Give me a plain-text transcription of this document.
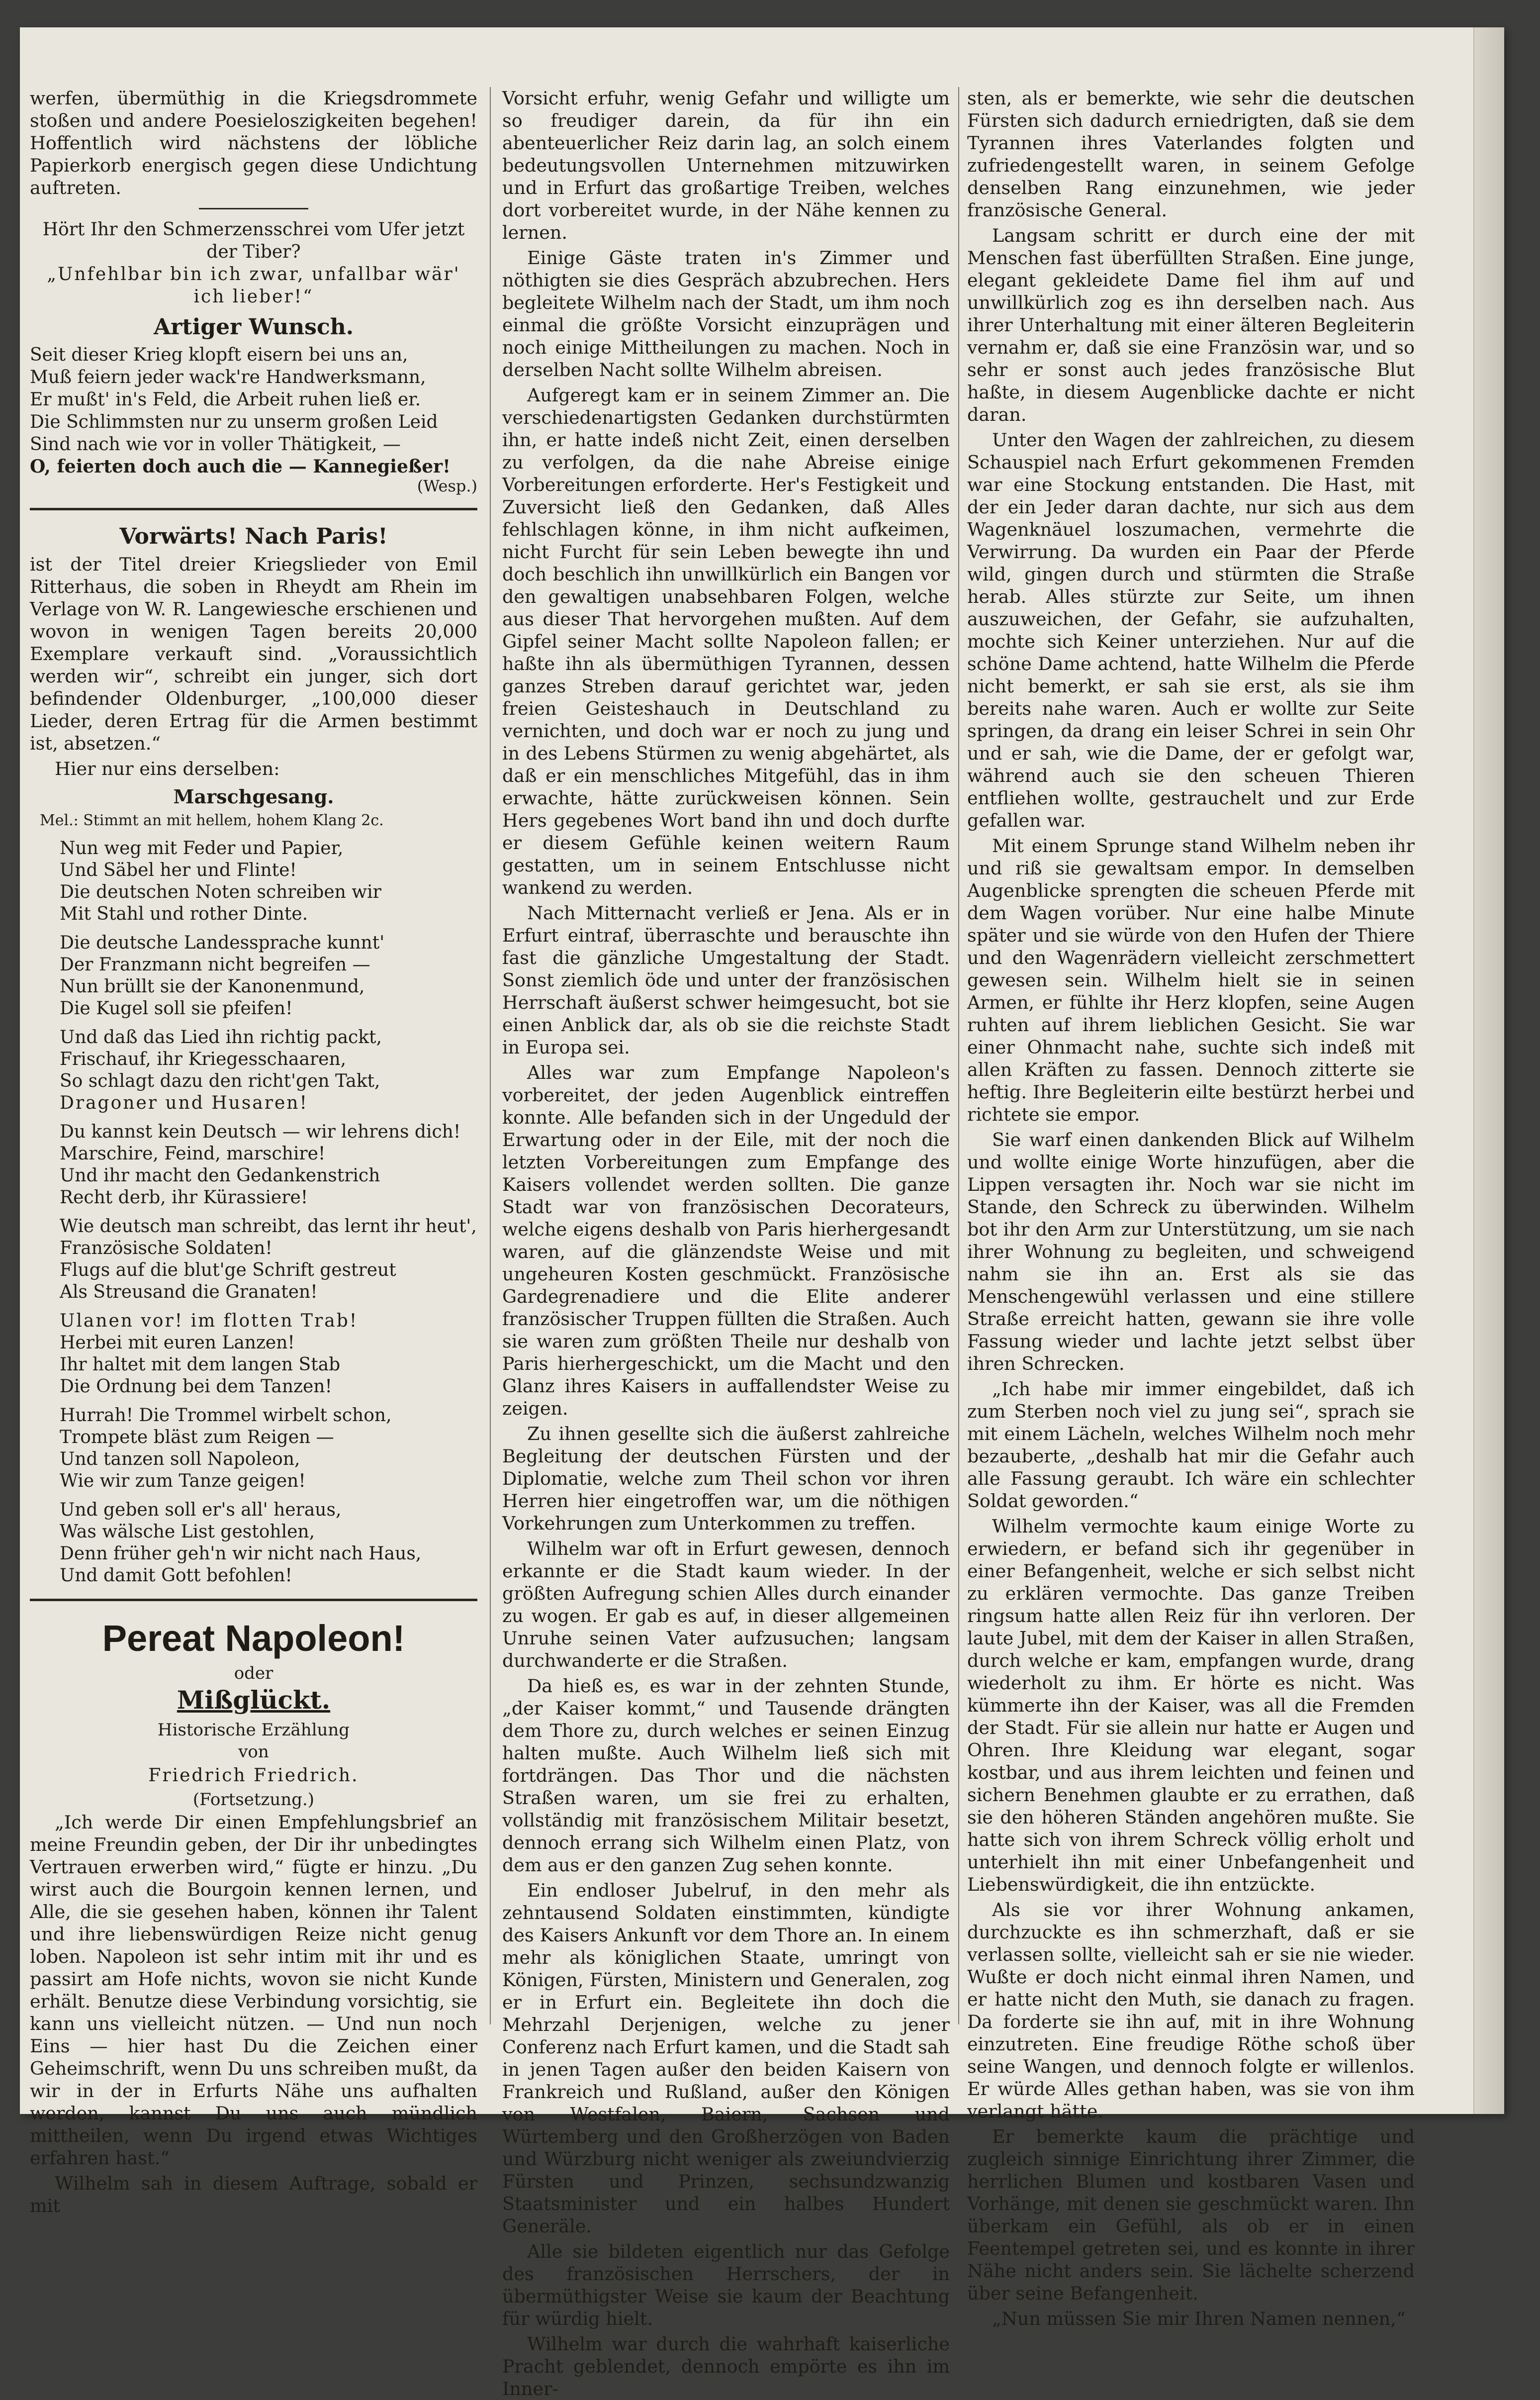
werfen, übermüthig in die Kriegsdrommete stoßen und andere Poesieloszigkeiten begehen! Hoffentlich wird nächstens der löbliche Papierkorb energisch gegen diese Undichtung auftreten.

Hört Ihr den Schmerzensschrei vom Ufer jetzt der Tiber?

„Unfehlbar bin ich zwar, unfallbar wär' ich lieber!“

Artiger Wunsch.
Seit dieser Krieg klopft eisern bei uns an,
Muß feiern jeder wack're Handwerksmann,
Er mußt' in's Feld, die Arbeit ruhen ließ er.
Die Schlimmsten nur zu unserm großen Leid
Sind nach wie vor in voller Thätigkeit, —
O, feierten doch auch die — Kannegießer!
(Wesp.)
Vorwärts! Nach Paris!

ist der Titel dreier Kriegslieder von Emil Ritterhaus, die soben in Rheydt am Rhein im Verlage von W. R. Langewiesche erschienen und wovon in wenigen Tagen bereits 20,000 Exemplare verkauft sind. „Voraussichtlich werden wir“, schreibt ein junger, sich dort befindender Oldenburger, „100,000 dieser Lieder, deren Ertrag für die Armen bestimmt ist, absetzen.“

Hier nur eins derselben:

Marschgesang.
Mel.: Stimmt an mit hellem, hohem Klang 2c.
Nun weg mit Feder und Papier,
Und Säbel her und Flinte!
Die deutschen Noten schreiben wir
Mit Stahl und rother Dinte.
Die deutsche Landessprache kunnt'
Der Franzmann nicht begreifen —
Nun brüllt sie der Kanonenmund,
Die Kugel soll sie pfeifen!
Und daß das Lied ihn richtig packt,
Frischauf, ihr Kriegesschaaren,
So schlagt dazu den richt'gen Takt,
Dragoner und Husaren!
Du kannst kein Deutsch — wir lehrens dich!
Marschire, Feind, marschire!
Und ihr macht den Gedankenstrich
Recht derb, ihr Kürassiere!
Wie deutsch man schreibt, das lernt ihr heut',
Französische Soldaten!
Flugs auf die blut'ge Schrift gestreut
Als Streusand die Granaten!
Ulanen vor! im flotten Trab!
Herbei mit euren Lanzen!
Ihr haltet mit dem langen Stab
Die Ordnung bei dem Tanzen!
Hurrah! Die Trommel wirbelt schon,
Trompete bläst zum Reigen —
Und tanzen soll Napoleon,
Wie wir zum Tanze geigen!
Und geben soll er's all' heraus,
Was wälsche List gestohlen,
Denn früher geh'n wir nicht nach Haus,
Und damit Gott befohlen!
Pereat Napoleon!
oder
Mißglückt.
Historische Erzählung
von
Friedrich Friedrich.
(Fortsetzung.)

„Ich werde Dir einen Empfehlungsbrief an meine Freundin geben, der Dir ihr unbedingtes Vertrauen erwerben wird,“ fügte er hinzu. „Du wirst auch die Bourgoin kennen lernen, und Alle, die sie gesehen haben, können ihr Talent und ihre liebenswürdigen Reize nicht genug loben. Napoleon ist sehr intim mit ihr und es passirt am Hofe nichts, wovon sie nicht Kunde erhält. Benutze diese Verbindung vorsichtig, sie kann uns vielleicht nützen. — Und nun noch Eins — hier hast Du die Zeichen einer Geheimschrift, wenn Du uns schreiben mußt, da wir in der in Erfurts Nähe uns aufhalten werden, kannst Du uns auch mündlich mittheilen, wenn Du irgend etwas Wichtiges erfahren hast.“

Wilhelm sah in diesem Auftrage, sobald er mit

Vorsicht erfuhr, wenig Gefahr und willigte um so freudiger darein, da für ihn ein abenteuerlicher Reiz darin lag, an solch einem bedeutungsvollen Unternehmen mitzuwirken und in Erfurt das großartige Treiben, welches dort vorbereitet wurde, in der Nähe kennen zu lernen.

Einige Gäste traten in's Zimmer und nöthigten sie dies Gespräch abzubrechen. Hers begleitete Wilhelm nach der Stadt, um ihm noch einmal die größte Vorsicht einzuprägen und noch einige Mittheilungen zu machen. Noch in derselben Nacht sollte Wilhelm abreisen.

Aufgeregt kam er in seinem Zimmer an. Die verschiedenartigsten Gedanken durchstürmten ihn, er hatte indeß nicht Zeit, einen derselben zu verfolgen, da die nahe Abreise einige Vorbereitungen erforderte. Her's Festigkeit und Zuversicht ließ den Gedanken, daß Alles fehlschlagen könne, in ihm nicht aufkeimen, nicht Furcht für sein Leben bewegte ihn und doch beschlich ihn unwillkürlich ein Bangen vor den gewaltigen unabsehbaren Folgen, welche aus dieser That hervorgehen mußten. Auf dem Gipfel seiner Macht sollte Napoleon fallen; er haßte ihn als übermüthigen Tyrannen, dessen ganzes Streben darauf gerichtet war, jeden freien Geisteshauch in Deutschland zu vernichten, und doch war er noch zu jung und in des Lebens Stürmen zu wenig abgehärtet, als daß er ein menschliches Mitgefühl, das in ihm erwachte, hätte zurückweisen können. Sein Hers gegebenes Wort band ihn und doch durfte er diesem Gefühle keinen weitern Raum gestatten, um in seinem Entschlusse nicht wankend zu werden.

Nach Mitternacht verließ er Jena. Als er in Erfurt eintraf, überraschte und berauschte ihn fast die gänzliche Umgestaltung der Stadt. Sonst ziemlich öde und unter der französischen Herrschaft äußerst schwer heimgesucht, bot sie einen Anblick dar, als ob sie die reichste Stadt in Europa sei.

Alles war zum Empfange Napoleon's vorbereitet, der jeden Augenblick eintreffen konnte. Alle befanden sich in der Ungeduld der Erwartung oder in der Eile, mit der noch die letzten Vorbereitungen zum Empfange des Kaisers vollendet werden sollten. Die ganze Stadt war von französischen Decorateurs, welche eigens deshalb von Paris hierhergesandt waren, auf die glänzendste Weise und mit ungeheuren Kosten geschmückt. Französische Gardegrenadiere und die Elite anderer französischer Truppen füllten die Straßen. Auch sie waren zum größten Theile nur deshalb von Paris hierhergeschickt, um die Macht und den Glanz ihres Kaisers in auffallendster Weise zu zeigen.

Zu ihnen gesellte sich die äußerst zahlreiche Begleitung der deutschen Fürsten und der Diplomatie, welche zum Theil schon vor ihren Herren hier eingetroffen war, um die nöthigen Vorkehrungen zum Unterkommen zu treffen.

Wilhelm war oft in Erfurt gewesen, dennoch erkannte er die Stadt kaum wieder. In der größten Aufregung schien Alles durch einander zu wogen. Er gab es auf, in dieser allgemeinen Unruhe seinen Vater aufzusuchen; langsam durchwanderte er die Straßen.

Da hieß es, es war in der zehnten Stunde, „der Kaiser kommt,“ und Tausende drängten dem Thore zu, durch welches er seinen Einzug halten mußte. Auch Wilhelm ließ sich mit fortdrängen. Das Thor und die nächsten Straßen waren, um sie frei zu erhalten, vollständig mit französischem Militair besetzt, dennoch errang sich Wilhelm einen Platz, von dem aus er den ganzen Zug sehen konnte.

Ein endloser Jubelruf, in den mehr als zehntausend Soldaten einstimmten, kündigte des Kaisers Ankunft vor dem Thore an. In einem mehr als königlichen Staate, umringt von Königen, Fürsten, Ministern und Generalen, zog er in Erfurt ein. Begleitete ihn doch die Mehrzahl Derjenigen, welche zu jener Conferenz nach Erfurt kamen, und die Stadt sah in jenen Tagen außer den beiden Kaisern von Frankreich und Rußland, außer den Königen von Westfalen, Baiern, Sachsen und Würtemberg und den Großherzögen von Baden und Würzburg nicht weniger als zweiundvierzig Fürsten und Prinzen, sechsundzwanzig Staatsminister und ein halbes Hundert Generäle.

Alle sie bildeten eigentlich nur das Gefolge des französischen Herrschers, der in übermüthigster Weise sie kaum der Beachtung für würdig hielt.

Wilhelm war durch die wahrhaft kaiserliche Pracht geblendet, dennoch empörte es ihn im Inner-

sten, als er bemerkte, wie sehr die deutschen Fürsten sich dadurch erniedrigten, daß sie dem Tyrannen ihres Vaterlandes folgten und zufriedengestellt waren, in seinem Gefolge denselben Rang einzunehmen, wie jeder französische General.

Langsam schritt er durch eine der mit Menschen fast überfüllten Straßen. Eine junge, elegant gekleidete Dame fiel ihm auf und unwillkürlich zog es ihn derselben nach. Aus ihrer Unterhaltung mit einer älteren Begleiterin vernahm er, daß sie eine Französin war, und so sehr er sonst auch jedes französische Blut haßte, in diesem Augenblicke dachte er nicht daran.

Unter den Wagen der zahlreichen, zu diesem Schauspiel nach Erfurt gekommenen Fremden war eine Stockung entstanden. Die Hast, mit der ein Jeder daran dachte, nur sich aus dem Wagenknäuel loszumachen, vermehrte die Verwirrung. Da wurden ein Paar der Pferde wild, gingen durch und stürmten die Straße herab. Alles stürzte zur Seite, um ihnen auszuweichen, der Gefahr, sie aufzuhalten, mochte sich Keiner unterziehen. Nur auf die schöne Dame achtend, hatte Wilhelm die Pferde nicht bemerkt, er sah sie erst, als sie ihm bereits nahe waren. Auch er wollte zur Seite springen, da drang ein leiser Schrei in sein Ohr und er sah, wie die Dame, der er gefolgt war, während auch sie den scheuen Thieren entfliehen wollte, gestrauchelt und zur Erde gefallen war.

Mit einem Sprunge stand Wilhelm neben ihr und riß sie gewaltsam empor. In demselben Augenblicke sprengten die scheuen Pferde mit dem Wagen vorüber. Nur eine halbe Minute später und sie würde von den Hufen der Thiere und den Wagenrädern vielleicht zerschmettert gewesen sein. Wilhelm hielt sie in seinen Armen, er fühlte ihr Herz klopfen, seine Augen ruhten auf ihrem lieblichen Gesicht. Sie war einer Ohnmacht nahe, suchte sich indeß mit allen Kräften zu fassen. Dennoch zitterte sie heftig. Ihre Begleiterin eilte bestürzt herbei und richtete sie empor.

Sie warf einen dankenden Blick auf Wilhelm und wollte einige Worte hinzufügen, aber die Lippen versagten ihr. Noch war sie nicht im Stande, den Schreck zu überwinden. Wilhelm bot ihr den Arm zur Unterstützung, um sie nach ihrer Wohnung zu begleiten, und schweigend nahm sie ihn an. Erst als sie das Menschengewühl verlassen und eine stillere Straße erreicht hatten, gewann sie ihre volle Fassung wieder und lachte jetzt selbst über ihren Schrecken.

„Ich habe mir immer eingebildet, daß ich zum Sterben noch viel zu jung sei“, sprach sie mit einem Lächeln, welches Wilhelm noch mehr bezauberte, „deshalb hat mir die Gefahr auch alle Fassung geraubt. Ich wäre ein schlechter Soldat geworden.“

Wilhelm vermochte kaum einige Worte zu erwiedern, er befand sich ihr gegenüber in einer Befangenheit, welche er sich selbst nicht zu erklären vermochte. Das ganze Treiben ringsum hatte allen Reiz für ihn verloren. Der laute Jubel, mit dem der Kaiser in allen Straßen, durch welche er kam, empfangen wurde, drang wiederholt zu ihm. Er hörte es nicht. Was kümmerte ihn der Kaiser, was all die Fremden der Stadt. Für sie allein nur hatte er Augen und Ohren. Ihre Kleidung war elegant, sogar kostbar, und aus ihrem leichten und feinen und sichern Benehmen glaubte er zu errathen, daß sie den höheren Ständen angehören mußte. Sie hatte sich von ihrem Schreck völlig erholt und unterhielt ihn mit einer Unbefangenheit und Liebenswürdigkeit, die ihn entzückte.

Als sie vor ihrer Wohnung ankamen, durchzuckte es ihn schmerzhaft, daß er sie verlassen sollte, vielleicht sah er sie nie wieder. Wußte er doch nicht einmal ihren Namen, und er hatte nicht den Muth, sie danach zu fragen. Da forderte sie ihn auf, mit in ihre Wohnung einzutreten. Eine freudige Röthe schoß über seine Wangen, und dennoch folgte er willenlos. Er würde Alles gethan haben, was sie von ihm verlangt hätte.

Er bemerkte kaum die prächtige und zugleich sinnige Einrichtung ihrer Zimmer, die herrlichen Blumen und kostbaren Vasen und Vorhänge, mit denen sie geschmückt waren. Ihn überkam ein Gefühl, als ob er in einen Feentempel getreten sei, und es konnte in ihrer Nähe nicht anders sein. Sie lächelte scherzend über seine Befangenheit.

„Nun müssen Sie mir Ihren Namen nennen,“
